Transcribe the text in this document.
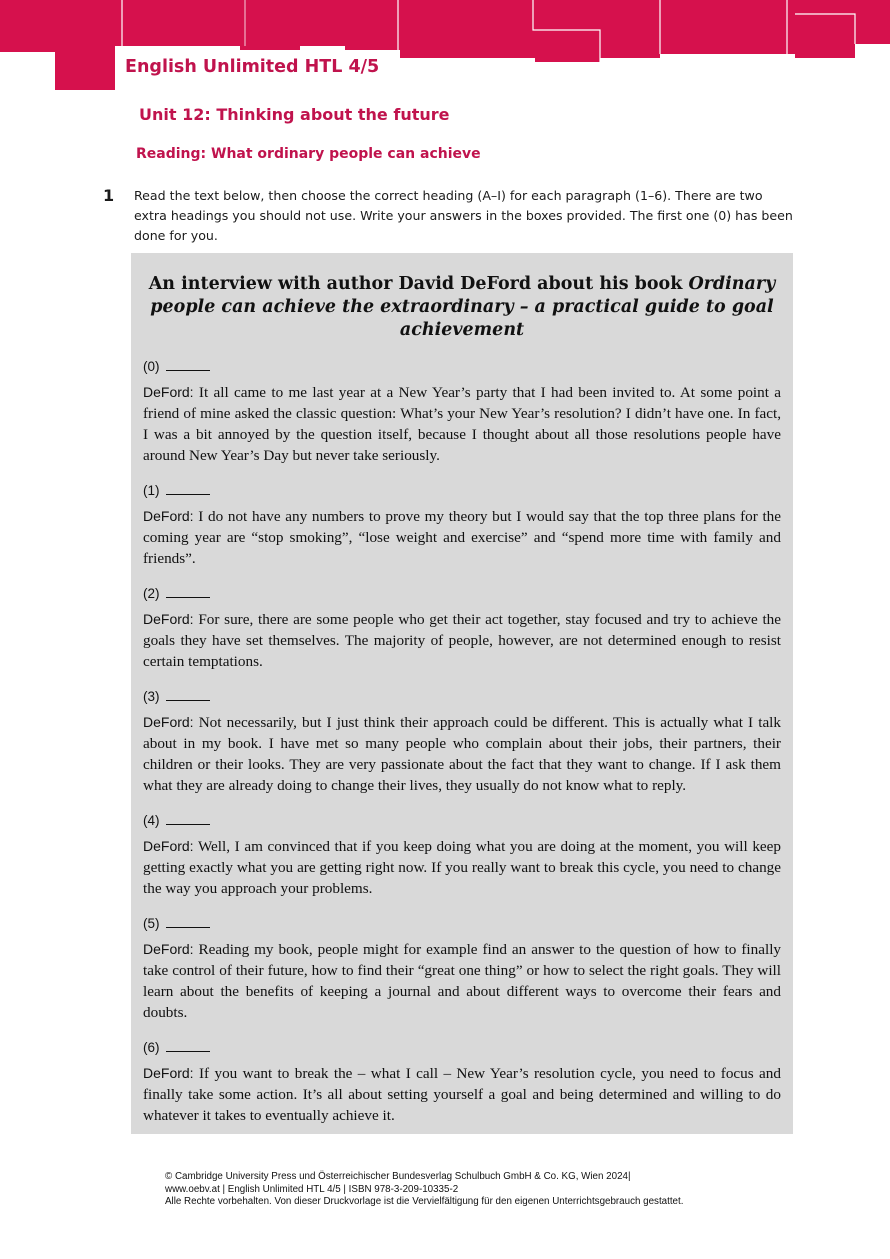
English Unlimited HTL 4/5
Unit 12: Thinking about the future
Reading: What ordinary people can achieve
1 Read the text below, then choose the correct heading (A–I) for each paragraph (1–6). There are two extra headings you should not use. Write your answers in the boxes provided. The first one (0) has been done for you.
An interview with author David DeFord about his book Ordinary people can achieve the extraordinary – a practical guide to goal achievement
(0)

DeFord: It all came to me last year at a New Year’s party that I had been invited to. At some point a friend of mine asked the classic question: What’s your New Year’s resolution? I didn’t have one. In fact, I was a bit annoyed by the question itself, because I thought about all those resolutions people have around New Year’s Day but never take seriously.

(1)

DeFord: I do not have any numbers to prove my theory but I would say that the top three plans for the coming year are “stop smoking”, “lose weight and exercise” and “spend more time with family and friends”.

(2)

DeFord: For sure, there are some people who get their act together, stay focused and try to achieve the goals they have set themselves. The majority of people, however, are not determined enough to resist certain temptations.

(3)

DeFord: Not necessarily, but I just think their approach could be different. This is actually what I talk about in my book. I have met so many people who complain about their jobs, their partners, their children or their looks. They are very passionate about the fact that they want to change. If I ask them what they are already doing to change their lives, they usually do not know what to reply.

(4)

DeFord: Well, I am convinced that if you keep doing what you are doing at the moment, you will keep getting exactly what you are getting right now. If you really want to break this cycle, you need to change the way you approach your problems.

(5)

DeFord: Reading my book, people might for example find an answer to the question of how to finally take control of their future, how to find their “great one thing” or how to select the right goals. They will learn about the benefits of keeping a journal and about different ways to overcome their fears and doubts.

(6)

DeFord: If you want to break the – what I call – New Year’s resolution cycle, you need to focus and finally take some action. It’s all about setting yourself a goal and being determined and willing to do whatever it takes to eventually achieve it.

© Cambridge University Press und Österreichischer Bundesverlag Schulbuch GmbH & Co. KG, Wien 2024|
www.oebv.at | English Unlimited HTL 4/5 | ISBN 978-3-209-10335-2
Alle Rechte vorbehalten. Von dieser Druckvorlage ist die Vervielfältigung für den eigenen Unterrichtsgebrauch gestattet.
